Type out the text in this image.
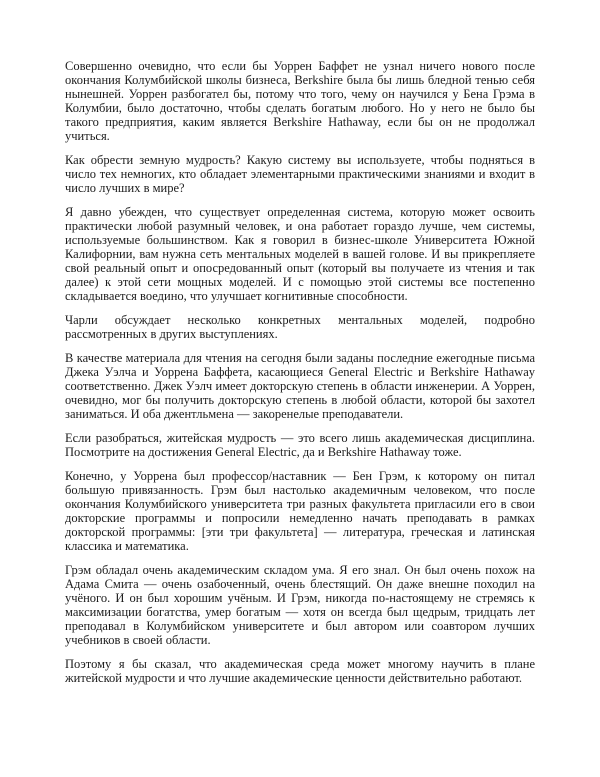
Совершенно очевидно, что если бы Уоррен Баффет не узнал ничего нового после окончания Колумбийской школы бизнеса, Berkshire была бы лишь бледной тенью себя нынешней. Уоррен разбогател бы, потому что того, чему он научился у Бена Грэма в Колумбии, было достаточно, чтобы сделать богатым любого. Но у него не было бы такого предприятия, каким является Berkshire Hathaway, если бы он не продолжал учиться.

Как обрести земную мудрость? Какую систему вы используете, чтобы подняться в число тех немногих, кто обладает элементарными практическими знаниями и входит в число лучших в мире?

Я давно убежден, что существует определенная система, которую может освоить практически любой разумный человек, и она работает гораздо лучше, чем системы, используемые большинством. Как я говорил в бизнес-школе Университета Южной Калифорнии, вам нужна сеть ментальных моделей в вашей голове. И вы прикрепляете свой реальный опыт и опосредованный опыт (который вы получаете из чтения и так далее) к этой сети мощных моделей. И с помощью этой системы все постепенно складывается воедино, что улучшает когнитивные способности.

Чарли обсуждает несколько конкретных ментальных моделей, подробно рассмотренных в других выступлениях.

В качестве материала для чтения на сегодня были заданы последние ежегодные письма Джека Уэлча и Уоррена Баффета, касающиеся General Electric и Berkshire Hathaway соответственно. Джек Уэлч имеет докторскую степень в области инженерии. А Уоррен, очевидно, мог бы получить докторскую степень в любой области, которой бы захотел заниматься. И оба джентльмена — закоренелые преподаватели.

Если разобраться, житейская мудрость — это всего лишь академическая дисциплина. Посмотрите на достижения General Electric, да и Berkshire Hathaway тоже.

Конечно, у Уоррена был профессор/наставник — Бен Грэм, к которому он питал большую привязанность. Грэм был настолько академичным человеком, что после окончания Колумбийского университета три разных факультета пригласили его в свои докторские программы и попросили немедленно начать преподавать в рамках докторской программы: [эти три факультета] — литература, греческая и латинская классика и математика.

Грэм обладал очень академическим складом ума. Я его знал. Он был очень похож на Адама Смита — очень озабоченный, очень блестящий. Он даже внешне походил на учёного. И он был хорошим учёным. И Грэм, никогда по-настоящему не стремясь к максимизации богатства, умер богатым — хотя он всегда был щедрым, тридцать лет преподавал в Колумбийском университете и был автором или соавтором лучших учебников в своей области.

Поэтому я бы сказал, что академическая среда может многому научить в плане житейской мудрости и что лучшие академические ценности действительно работают.
